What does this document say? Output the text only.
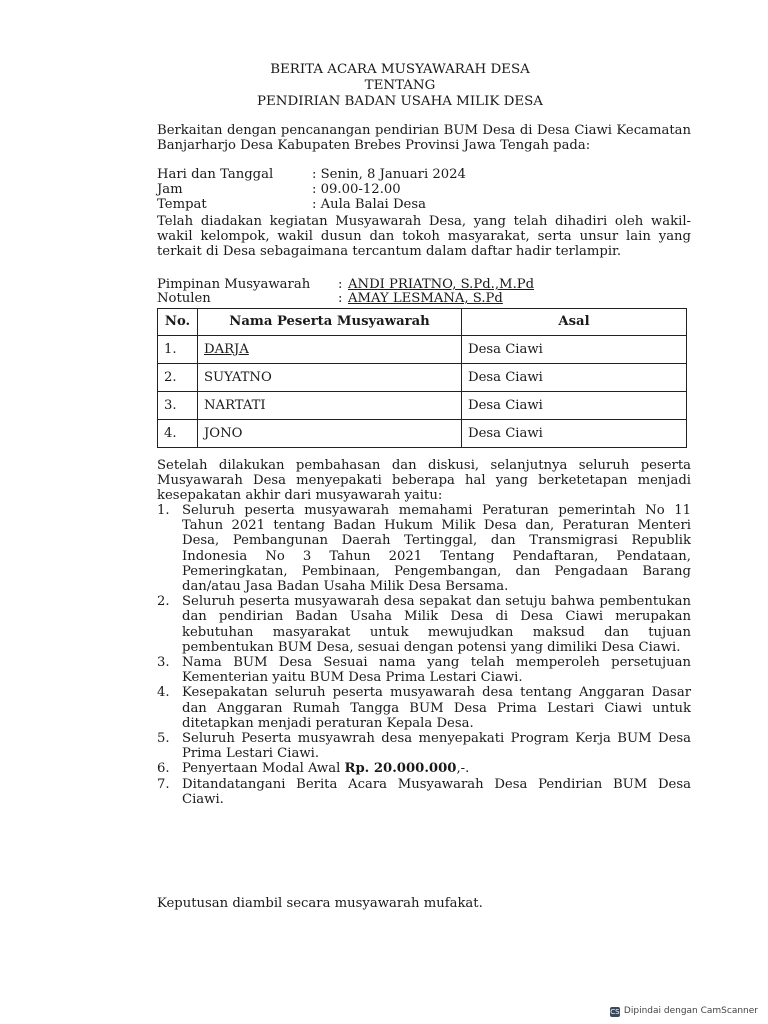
BERITA ACARA MUSYAWARAH DESA
TENTANG
PENDIRIAN BADAN USAHA MILIK DESA

Berkaitan dengan pencanangan pendirian BUM Desa di Desa Ciawi Kecamatan Banjarharjo Desa Kabupaten Brebes Provinsi Jawa Tengah pada:

Hari dan Tanggal	: Senin, 8 Januari 2024
Jam	: 09.00-12.00
Tempat	: Aula Balai Desa

Telah diadakan kegiatan Musyawarah Desa, yang telah dihadiri oleh wakil-wakil kelompok, wakil dusun dan tokoh masyarakat, serta unsur lain yang terkait di Desa sebagaimana tercantum dalam daftar hadir terlampir.

Pimpinan Musyawarah : ANDI PRIATNO, S.Pd.,M.Pd
Notulen	: AMAY LESMANA, S.Pd
No.	Nama Peserta Musyawarah	Asal
1.	DARJA	Desa Ciawi
2.	SUYATNO	Desa Ciawi
3.	NARTATI	Desa Ciawi
4.	JONO	Desa Ciawi

Setelah dilakukan pembahasan dan diskusi, selanjutnya seluruh peserta Musyawarah Desa menyepakati beberapa hal yang berketetapan menjadi kesepakatan akhir dari musyawarah yaitu:

1. Seluruh peserta musyawarah memahami Peraturan pemerintah No 11 Tahun 2021 tentang Badan Hukum Milik Desa dan, Peraturan Menteri Desa, Pembangunan Daerah Tertinggal, dan Transmigrasi Republik Indonesia No 3 Tahun 2021 Tentang Pendaftaran, Pendataan, Pemeringkatan, Pembinaan, Pengembangan, dan Pengadaan Barang dan/atau Jasa Badan Usaha Milik Desa Bersama.
2. Seluruh peserta musyawarah desa sepakat dan setuju bahwa pembentukan dan pendirian Badan Usaha Milik Desa di Desa Ciawi merupakan kebutuhan masyarakat untuk mewujudkan maksud dan tujuan pembentukan BUM Desa, sesuai dengan potensi yang dimiliki Desa Ciawi.
3. Nama BUM Desa Sesuai nama yang telah memperoleh persetujuan Kementerian yaitu BUM Desa Prima Lestari Ciawi.
4. Kesepakatan seluruh peserta musyawarah desa tentang Anggaran Dasar dan Anggaran Rumah Tangga BUM Desa Prima Lestari Ciawi untuk ditetapkan menjadi peraturan Kepala Desa.
5. Seluruh Peserta musyawrah desa menyepakati Program Kerja BUM Desa Prima Lestari Ciawi.
6. Penyertaan Modal Awal Rp. 20.000.000,-.
7. Ditandatangani Berita Acara Musyawarah Desa Pendirian BUM Desa Ciawi.

Keputusan diambil secara musyawarah mufakat.

CS Dipindai dengan CamScanner
